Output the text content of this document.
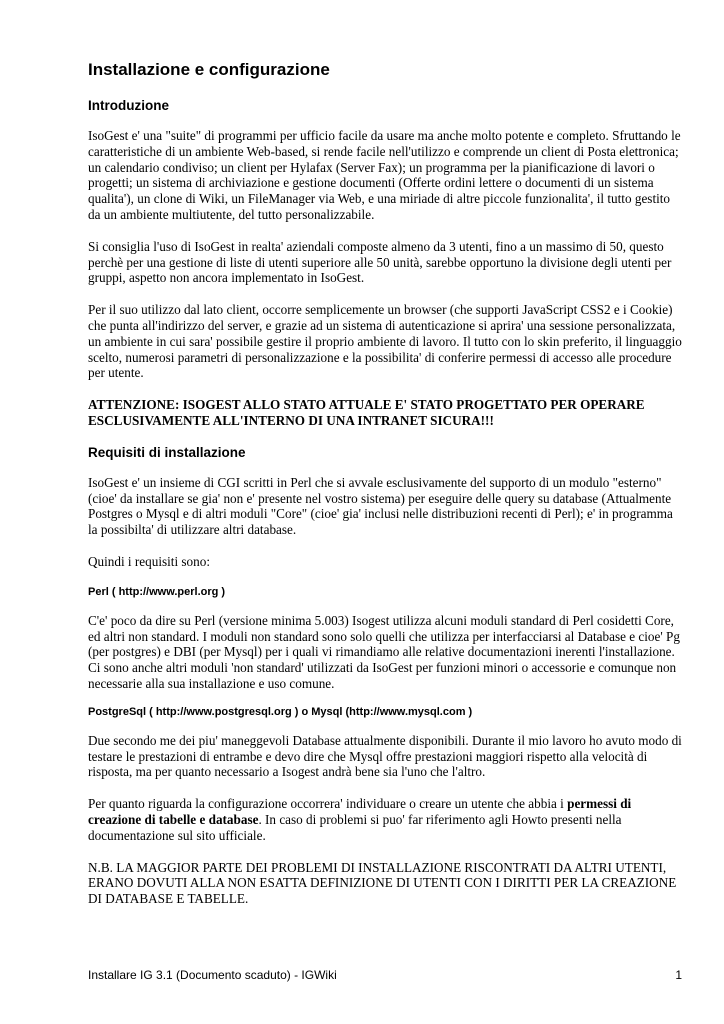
Installazione e configurazione
Introduzione

IsoGest e' una "suite" di programmi per ufficio facile da usare ma anche molto potente e completo. Sfruttando le caratteristiche di un ambiente Web-based, si rende facile nell'utilizzo e comprende un client di Posta elettronica; un calendario condiviso; un client per Hylafax (Server Fax); un programma per la pianificazione di lavori o progetti; un sistema di archiviazione e gestione documenti (Offerte ordini lettere o documenti di un sistema qualita'), un clone di Wiki, un FileManager via Web, e una miriade di altre piccole funzionalita', il tutto gestito da un ambiente multiutente, del tutto personalizzabile.

Si consiglia l'uso di IsoGest in realta' aziendali composte almeno da 3 utenti, fino a un massimo di 50, questo perchè per una gestione di liste di utenti superiore alle 50 unità, sarebbe opportuno la divisione degli utenti per gruppi, aspetto non ancora implementato in IsoGest.

Per il suo utilizzo dal lato client, occorre semplicemente un browser (che supporti JavaScript CSS2 e i Cookie) che punta all'indirizzo del server, e grazie ad un sistema di autenticazione si aprira' una sessione personalizzata, un ambiente in cui sara' possibile gestire il proprio ambiente di lavoro. Il tutto con lo skin preferito, il linguaggio scelto, numerosi parametri di personalizzazione e la possibilita' di conferire permessi di accesso alle procedure per utente.

ATTENZIONE: ISOGEST ALLO STATO ATTUALE E' STATO PROGETTATO PER OPERARE ESCLUSIVAMENTE ALL'INTERNO DI UNA INTRANET SICURA!!!

Requisiti di installazione

IsoGest e' un insieme di CGI scritti in Perl che si avvale esclusivamente del supporto di un modulo "esterno" (cioe' da installare se gia' non e' presente nel vostro sistema) per eseguire delle query su database (Attualmente Postgres o Mysql e di altri moduli "Core" (cioe' gia' inclusi nelle distribuzioni recenti di Perl); e' in programma la possibilta' di utilizzare altri database.

Quindi i requisiti sono:

Perl ( http://www.perl.org )

C'e' poco da dire su Perl (versione minima 5.003) Isogest utilizza alcuni moduli standard di Perl cosidetti Core, ed altri non standard. I moduli non standard sono solo quelli che utilizza per interfacciarsi al Database e cioe' Pg (per postgres) e DBI (per Mysql) per i quali vi rimandiamo alle relative documentazioni inerenti l'installazione.
Ci sono anche altri moduli 'non standard' utilizzati da IsoGest per funzioni minori o accessorie e comunque non necessarie alla sua installazione e uso comune.

PostgreSql ( http://www.postgresql.org ) o Mysql (http://www.mysql.com )

Due secondo me dei piu' maneggevoli Database attualmente disponibili. Durante il mio lavoro ho avuto modo di testare le prestazioni di entrambe e devo dire che Mysql offre prestazioni maggiori rispetto alla velocità di risposta, ma per quanto necessario a Isogest andrà bene sia l'uno che l'altro.

Per quanto riguarda la configurazione occorrera' individuare o creare un utente che abbia i permessi di creazione di tabelle e database. In caso di problemi si puo' far riferimento agli Howto presenti nella documentazione sul sito ufficiale.

N.B. LA MAGGIOR PARTE DEI PROBLEMI DI INSTALLAZIONE RISCONTRATI DA ALTRI UTENTI, ERANO DOVUTI ALLA NON ESATTA DEFINIZIONE DI UTENTI CON I DIRITTI PER LA CREAZIONE DI DATABASE E TABELLE.

Installare IG 3.1 (Documento scaduto) - IGWiki	1
